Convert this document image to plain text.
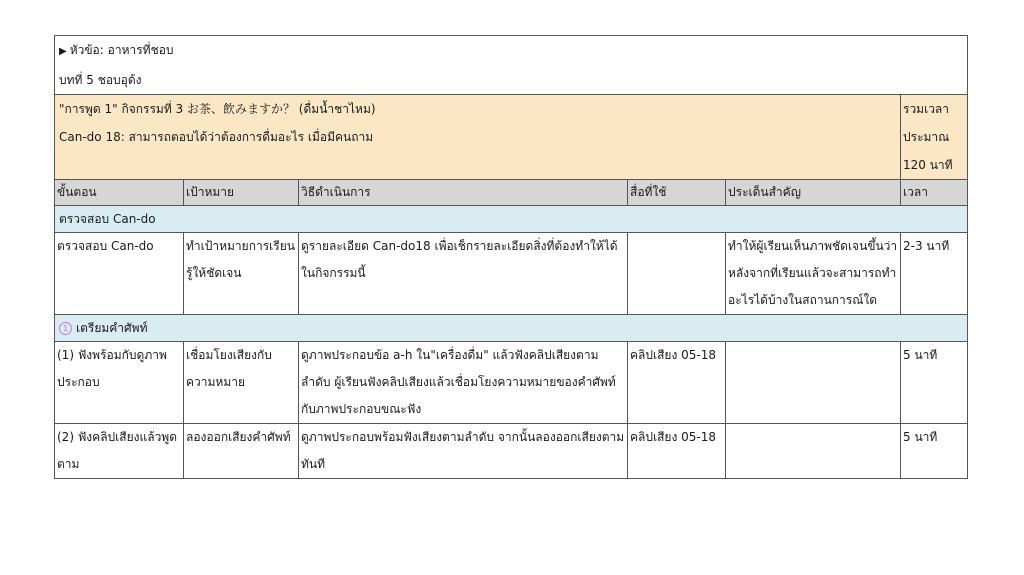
▶ หัวข้อ: อาหารที่ชอบ
บทที่ 5 ชอบอุด้ง					

"การพูด 1" กิจกรรมที่ 3 お茶、飲みますか？ (ดื่มน้ำชาไหม)
Can-do 18: สามารถตอบได้ว่าต้องการดื่มอะไร เมื่อมีคนถาม					รวมเวลาประมาณ 120 นาที
ขั้นตอน	เป้าหมาย	วิธีดำเนินการ	สื่อที่ใช้	ประเด็นสำคัญ	เวลา
ตรวจสอบ Can-do					
ตรวจสอบ Can-do	ทำเป้าหมายการเรียนรู้ให้ชัดเจน	ดูรายละเอียด Can-do18 เพื่อเช็กรายละเอียดสิ่งที่ต้องทำให้ได้ในกิจกรรมนี้		ทำให้ผู้เรียนเห็นภาพชัดเจนขึ้นว่า หลังจากที่เรียนแล้วจะสามารถทำอะไรได้บ้างในสถานการณ์ใด	2-3 นาที
1 เตรียมคำศัพท์					
(1) ฟังพร้อมกับดูภาพประกอบ	เชื่อมโยงเสียงกับความหมาย	ดูภาพประกอบข้อ a-h ใน"เครื่องดื่ม" แล้วฟังคลิปเสียงตามลำดับ ผู้เรียนฟังคลิปเสียงแล้วเชื่อมโยงความหมายของคำศัพท์กับภาพประกอบขณะฟัง	คลิปเสียง 05-18		5 นาที
(2) ฟังคลิปเสียงแล้วพูดตาม	ลองออกเสียงคำศัพท์	ดูภาพประกอบพร้อมฟังเสียงตามลำดับ จากนั้นลองออกเสียงตามทันที	คลิปเสียง 05-18		5 นาที
